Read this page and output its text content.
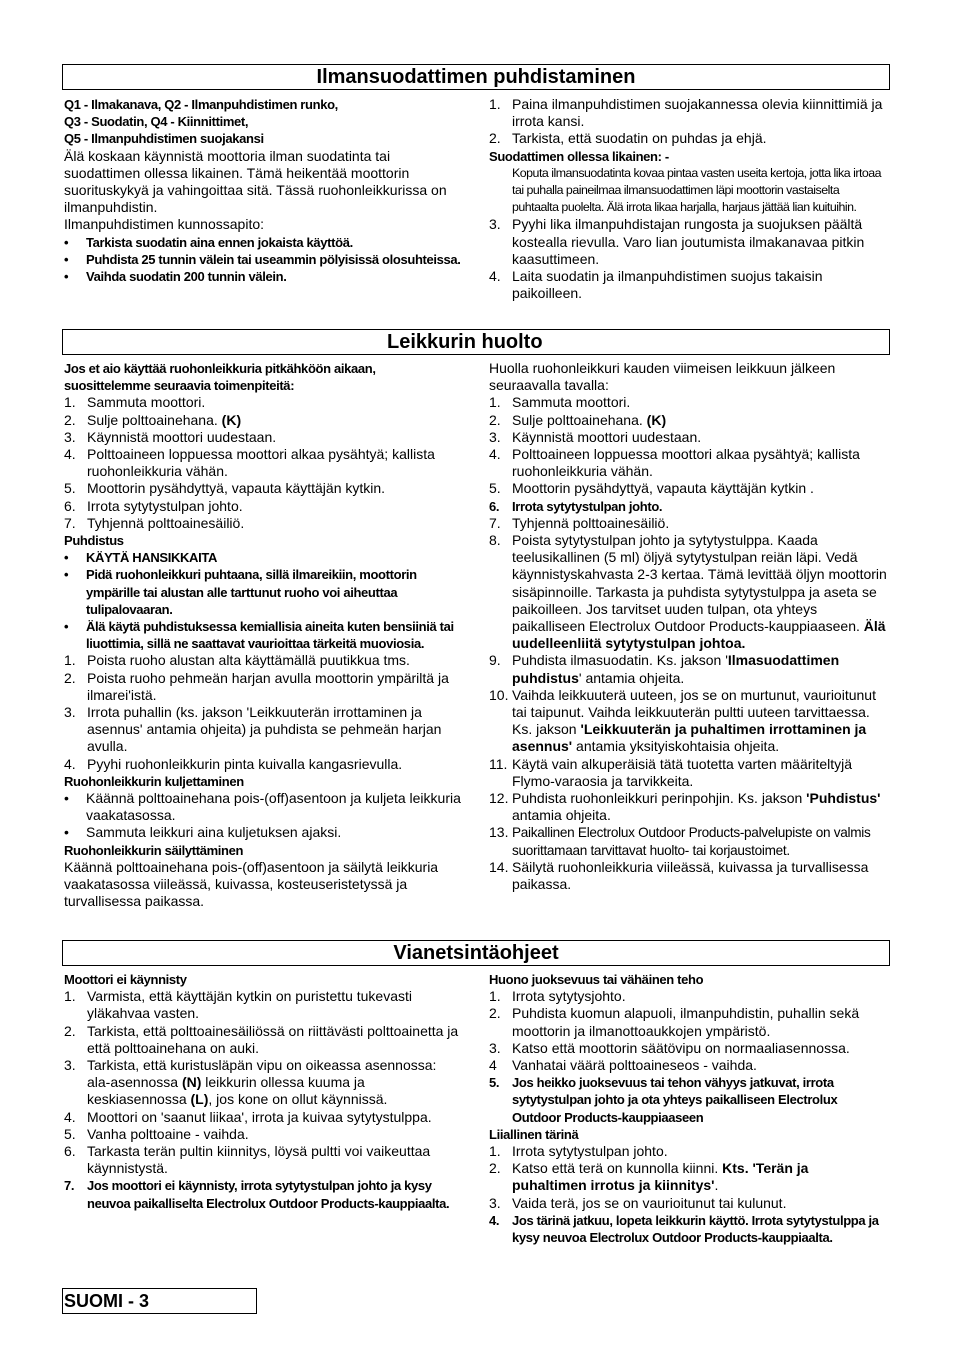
Ilmansuodattimen puhdistaminen

Q1 - Ilmakanava, Q2 - Ilmanpuhdistimen runko,

Q3 - Suodatin, Q4 - Kiinnittimet,

Q5 - Ilmanpuhdistimen suojakansi

Älä koskaan käynnistä moottoria ilman suodatinta tai suodattimen ollessa likainen. Tämä heikentää moottorin suorituskykyä ja vahingoittaa sitä. Tässä ruohonleikkurissa on ilmanpuhdistin.

Ilmanpuhdistimen kunnossapito:

•	Tarkista suodatin aina ennen jokaista käyttöä.
•	Puhdista 25 tunnin välein tai useammin pölyisissä olosuhteissa.
•	Vaihda suodatin 200 tunnin välein.
1. Paina ilmanpuhdistimen suojakannessa olevia kiinnittimiä ja irrota kansi.
2. Tarkista, että suodatin on puhdas ja ehjä.

Suodattimen ollessa likainen: -

Koputa ilmansuodatinta kovaa pintaa vasten useita kertoja, jotta lika irtoaa tai puhalla paineilmaa ilmansuodattimen läpi moottorin vastaiselta puhtaalta puolelta. Älä irrota likaa harjalla, harjaus jättää lian kuituihin.

3. Pyyhi lika ilmanpuhdistajan rungosta ja suojuksen päältä kostealla rievulla. Varo lian joutumista ilmakanavaa pitkin kaasuttimeen.
4. Laita suodatin ja ilmanpuhdistimen suojus takaisin paikoilleen.
Leikkurin huolto

Jos et aio käyttää ruohonleikkuria pitkähköön aikaan, suosittelemme seuraavia toimenpiteitä:

1. Sammuta moottori.
2. Sulje polttoainehana. (K)
3. Käynnistä moottori uudestaan.
4. Polttoaineen loppuessa moottori alkaa pysähtyä; kallista ruohonleikkuria vähän.
5. Moottorin pysähdyttyä, vapauta käyttäjän kytkin.
6. Irrota sytytystulpan johto.
7. Tyhjennä polttoainesäiliö.

Puhdistus

•	KÄYTÄ HANSIKKAITA
•	Pidä ruohonleikkuri puhtaana, sillä ilmareikiin, moottorin ympärille tai alustan alle tarttunut ruoho voi aiheuttaa tulipalovaaran.
•	Älä käytä puhdistuksessa kemiallisia aineita kuten bensiiniä tai liuottimia, sillä ne saattavat vaurioittaa tärkeitä muoviosia.
1. Poista ruoho alustan alta käyttämällä puutikkua tms.
2. Poista ruoho pehmeän harjan avulla moottorin ympäriltä ja ilmarei'istä.
3. Irrota puhallin (ks. jakson 'Leikkuuterän irrottaminen ja asennus' antamia ohjeita) ja puhdista se pehmeän harjan avulla.
4. Pyyhi ruohonleikkurin pinta kuivalla kangasrievulla.

Ruohonleikkurin kuljettaminen

•	Käännä polttoainehana pois-(off)asentoon ja kuljeta leikkuria vaakatasossa.
•	Sammuta leikkuri aina kuljetuksen ajaksi.

Ruohonleikkurin säilyttäminen

Käännä polttoainehana pois-(off)asentoon ja säilytä leikkuria vaakatasossa viileässä, kuivassa, kosteuseristetyssä ja turvallisessa paikassa.

Huolla ruohonleikkuri kauden viimeisen leikkuun jälkeen seuraavalla tavalla:

1. Sammuta moottori.
2. Sulje polttoainehana. (K)
3. Käynnistä moottori uudestaan.
4. Polttoaineen loppuessa moottori alkaa pysähtyä; kallista ruohonleikkuria vähän.
5. Moottorin pysähdyttyä, vapauta käyttäjän kytkin .
6. Irrota sytytystulpan johto.
7. Tyhjennä polttoainesäiliö.
8. Poista sytytystulpan johto ja sytytystulppa. Kaada teelusikallinen (5 ml) öljyä sytytystulpan reiän läpi. Vedä käynnistyskahvasta 2-3 kertaa. Tämä levittää öljyn moottorin sisäpinnoille. Tarkasta ja puhdista sytytystulppa ja aseta se paikoilleen. Jos tarvitset uuden tulpan, ota yhteys paikalliseen Electrolux Outdoor Products-kauppiaaseen. Älä uudelleenliitä sytytystulpan johtoa.
9. Puhdista ilmasuodatin. Ks. jakson 'Ilmasuodattimen puhdistus' antamia ohjeita.
10. Vaihda leikkuuterä uuteen, jos se on murtunut, vaurioitunut tai taipunut. Vaihda leikkuuterän pultti uuteen tarvittaessa. Ks. jakson 'Leikkuuterän ja puhaltimen irrottaminen ja asennus' antamia yksityiskohtaisia ohjeita.
11. Käytä vain alkuperäisiä tätä tuotetta varten määriteltyjä Flymo-varaosia ja tarvikkeita.
12. Puhdista ruohonleikkuri perinpohjin. Ks. jakson 'Puhdistus' antamia ohjeita.
13. Paikallinen Electrolux Outdoor Products-palvelupiste on valmis suorittamaan tarvittavat huolto- tai korjaustoimet.
14. Säilytä ruohonleikkuria viileässä, kuivassa ja turvallisessa paikassa.
Vianetsintäohjeet

Moottori ei käynnisty

1. Varmista, että käyttäjän kytkin on puristettu tukevasti yläkahvaa vasten.
2. Tarkista, että polttoainesäiliössä on riittävästi polttoainetta ja että polttoainehana on auki.
3. Tarkista, että kuristusläpän vipu on oikeassa asennossa: ala-asennossa (N) leikkurin ollessa kuuma ja keskiasennossa (L), jos kone on ollut käynnissä.
4. Moottori on 'saanut liikaa', irrota ja kuivaa sytytystulppa.
5. Vanha polttoaine - vaihda.
6. Tarkasta terän pultin kiinnitys, löysä pultti voi vaikeuttaa käynnistystä.
7. Jos moottori ei käynnisty, irrota sytytystulpan johto ja kysy neuvoa paikalliselta Electrolux Outdoor Products-kauppiaalta.

Huono juoksevuus tai vähäinen teho

1. Irrota sytytysjohto.
2. Puhdista kuomun alapuoli, ilmanpuhdistin, puhallin sekä moottorin ja ilmanottoaukkojen ympäristö.
3. Katso että moottorin säätövipu on normaaliasennossa.
4	Vanhatai väärä polttoaineseos - vaihda.
5. Jos heikko juoksevuus tai tehon vähyys jatkuvat, irrota sytytystulpan johto ja ota yhteys paikalliseen Electrolux Outdoor Products-kauppiaaseen

Liiallinen tärinä

1. Irrota sytytystulpan johto.
2. Katso että terä on kunnolla kiinni. Kts. 'Terän ja puhaltimen irrotus ja kiinnitys'.
3. Vaida terä, jos se on vaurioitunut tai kulunut.
4. Jos tärinä jatkuu, lopeta leikkurin käyttö. Irrota sytytystulppa ja kysy neuvoa Electrolux Outdoor Products-kauppiaalta.
SUOMI - 3
